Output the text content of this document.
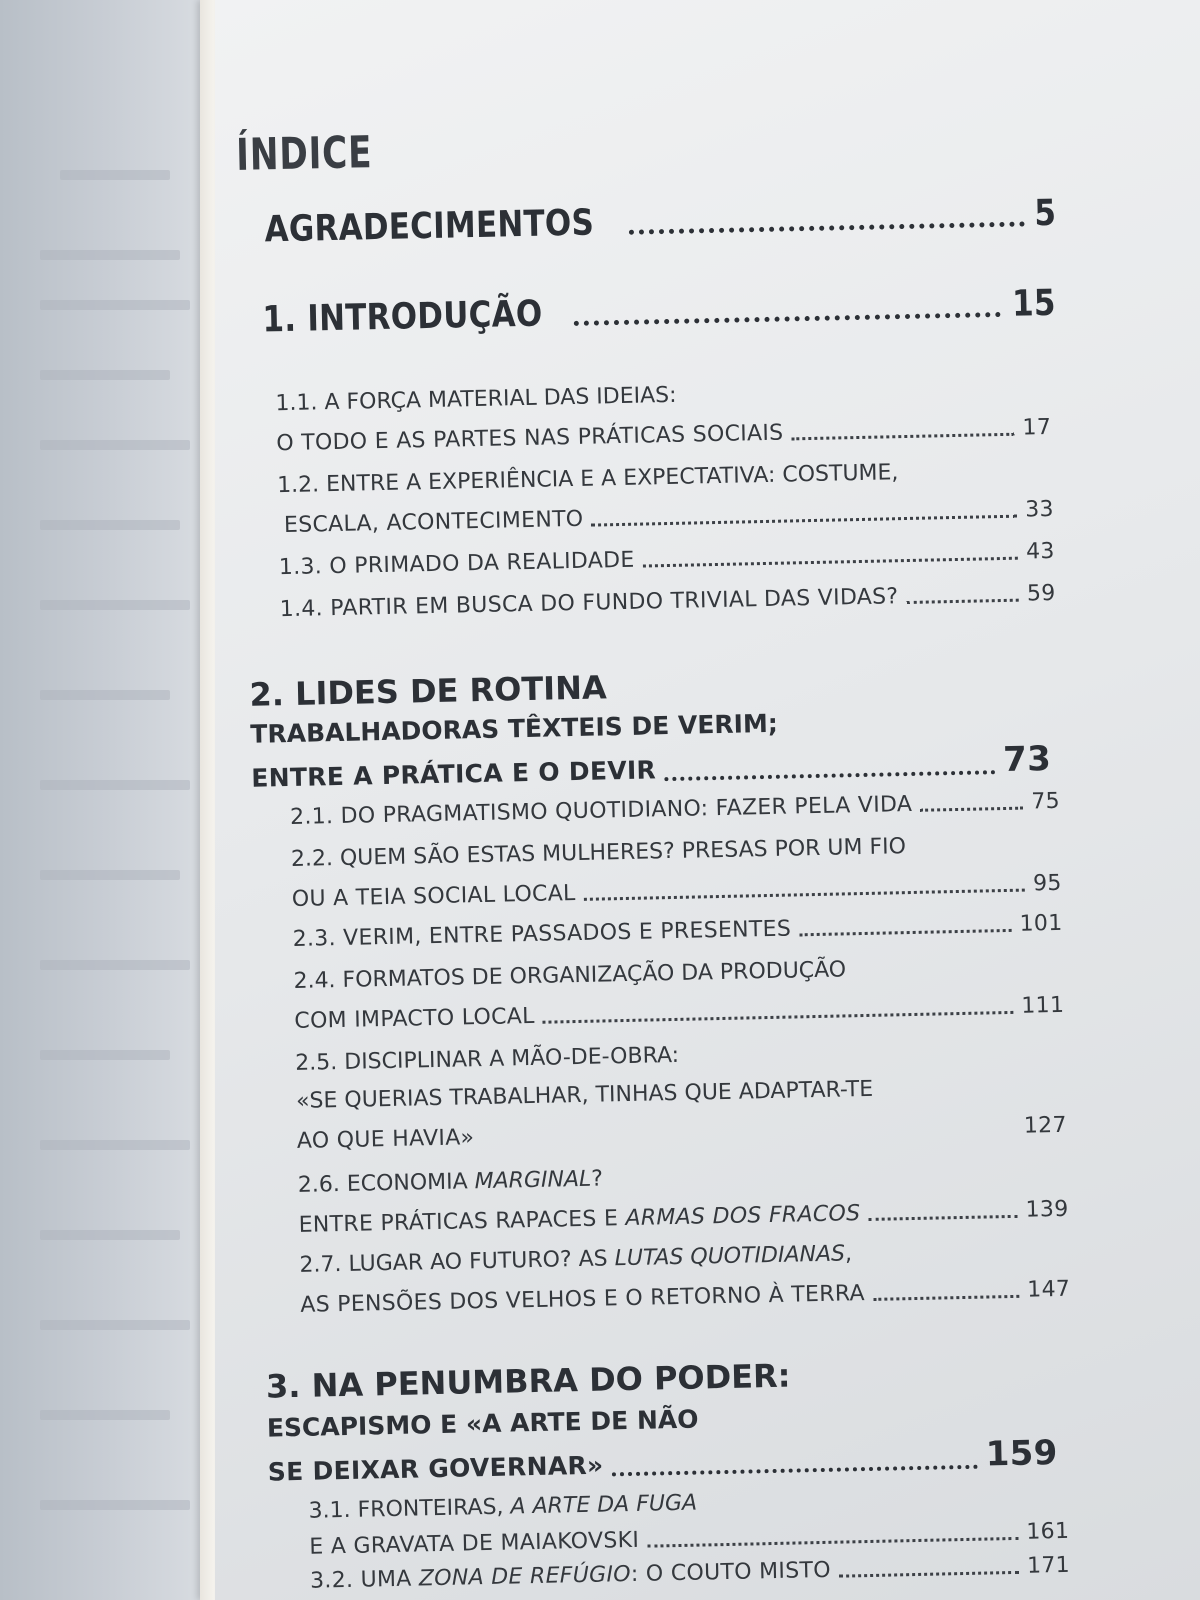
ÍNDICE
AGRADECIMENTOS	5
1. INTRODUÇÃO	15
1.1. A FORÇA MATERIAL DAS IDEIAS:
O TODO E AS PARTES NAS PRÁTICAS SOCIAIS	17
1.2. ENTRE A EXPERIÊNCIA E A EXPECTATIVA: COSTUME,
ESCALA, ACONTECIMENTO	33
1.3. O PRIMADO DA REALIDADE	43
1.4. PARTIR EM BUSCA DO FUNDO TRIVIAL DAS VIDAS?	59
2. LIDES DE ROTINA
TRABALHADORAS TÊXTEIS DE VERIM;
ENTRE A PRÁTICA E O DEVIR	73
2.1. DO PRAGMATISMO QUOTIDIANO: FAZER PELA VIDA	75
2.2. QUEM SÃO ESTAS MULHERES? PRESAS POR UM FIO
OU A TEIA SOCIAL LOCAL	95
2.3. VERIM, ENTRE PASSADOS E PRESENTES	101
2.4. FORMATOS DE ORGANIZAÇÃO DA PRODUÇÃO
COM IMPACTO LOCAL	111
2.5. DISCIPLINAR A MÃO-DE-OBRA:
«SE QUERIAS TRABALHAR, TINHAS QUE ADAPTAR-TE
AO QUE HAVIA»	127
2.6. ECONOMIA MARGINAL?
ENTRE PRÁTICAS RAPACES E ARMAS DOS FRACOS	139
2.7. LUGAR AO FUTURO? AS LUTAS QUOTIDIANAS,
AS PENSÕES DOS VELHOS E O RETORNO À TERRA	147
3. NA PENUMBRA DO PODER:
ESCAPISMO E «A ARTE DE NÃO
SE DEIXAR GOVERNAR»	159
3.1. FRONTEIRAS, A ARTE DA FUGA
E A GRAVATA DE MAIAKOVSKI	161
3.2. UMA ZONA DE REFÚGIO: O COUTO MISTO	171
